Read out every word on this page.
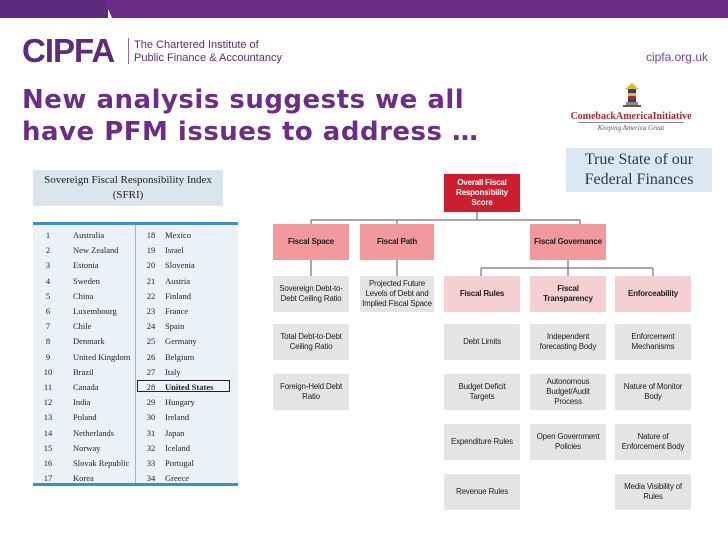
CIPFA The Chartered Institute of
Public Finance & Accountancy	cipfa.org.uk
New analysis suggests we all
have PFM issues to address …
ComebackAmericaInitiative
Keeping America Great
True State of our
Federal Finances
Sovereign Fiscal Responsibility Index
(SFRI)
1	Australia	18	Mexico
2	New Zealand	19	Israel
3	Estonia	20	Slovenia
4	Sweden	21	Austria
5	China	22	Finland
6	Luxembourg	23	France
7	Chile	24	Spain
8	Denmark	25	Germany
9	United Kingdom	26	Belgium
10	Brazil	27	Italy
11	Canada	28	United States
12	India	29	Hungary
13	Poland	30	Ireland
14	Netherlands	31	Japan
15	Norway	32	Iceland
16	Slovak Republic	33	Portugal
17	Korea	34	Greece
Overall Fiscal Responsibility Score
Fiscal Space	Fiscal Path	Fiscal Governance
Sovereign Debt-to-Debt Ceiling Ratio
Total Debt-to-Debt Ceiling Ratio
Foreign-Held Debt Ratio
Projected Future Levels of Debt and Implied Fiscal Space
Fiscal Rules
Fiscal Transparency
Enforceability
Debt Limits
Budget Deficit Targets
Expenditure Rules
Revenue Rules
Independent forecasting Body
Autonomous Budget/Audit Process
Open Government Policies
Enforcement Mechanisms
Nature of Monitor Body
Nature of Enforcement Body
Media Visibility of Rules
